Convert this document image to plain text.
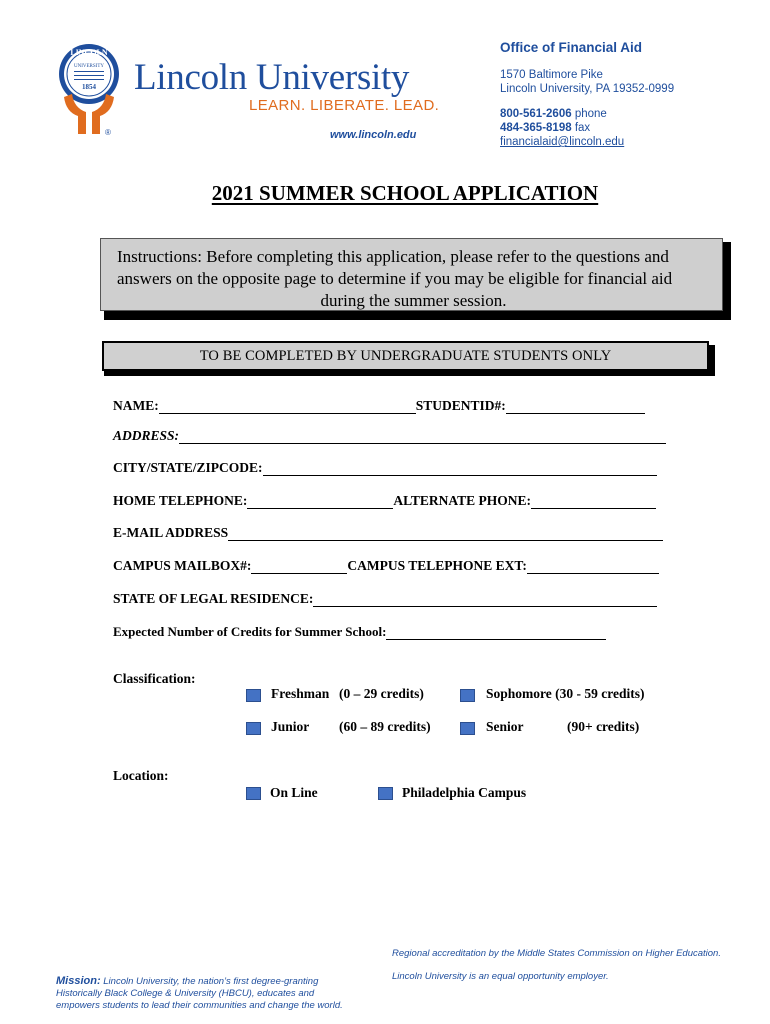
LINCOLN
UNIVERSITY
1854 Lincoln University
LEARN. LIBERATE. LEAD.
®	www.lincoln.edu
Office of Financial Aid
1570 Baltimore Pike
Lincoln University, PA 19352-0999
800-561-2606 phone
484-365-8198 fax
financialaid@lincoln.edu
2021 SUMMER SCHOOL APPLICATION
Instructions: Before completing this application, please refer to the questions and
answers on the opposite page to determine if you may be eligible for financial aid
during the summer session.
TO BE COMPLETED BY UNDERGRADUATE STUDENTS ONLY
NAME:	STUDENTID#:
ADDRESS:
CITY/STATE/ZIPCODE:
HOME TELEPHONE:	ALTERNATE PHONE:
E-MAIL ADDRESS
CAMPUS MAILBOX#:	CAMPUS TELEPHONE EXT:
STATE OF LEGAL RESIDENCE:
Expected Number of Credits for Summer School:
Classification:
Freshman (0 – 29 credits)	Sophomore (30 - 59 credits)
Junior (60 – 89 credits)	Senior	(90+ credits)
Location:
On Line	Philadelphia Campus
Regional accreditation by the Middle States Commission on Higher Education.
Lincoln University is an equal opportunity employer.
Mission: Lincoln University, the nation’s first degree-granting
Historically Black College & University (HBCU), educates and
empowers students to lead their communities and change the world.
